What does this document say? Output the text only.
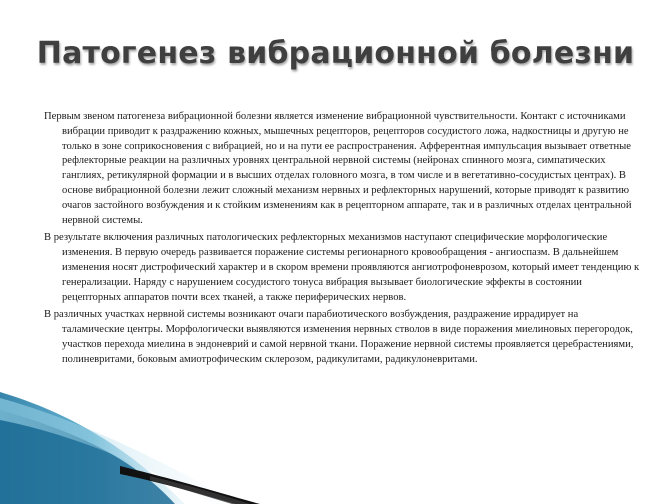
Патогенез вибрационной болезни

Первым звеном патогенеза вибрационной болезни является изменение вибрационной чувствительности. Контакт с источниками вибрации приводит к раздражению кожных, мышечных рецепторов, рецепторов сосудистого ложа, надкостницы и другую не только в зоне соприкосновения с вибрацией, но и на пути ее распространения. Афферентная импульсация вызывает ответные рефлекторные реакции на различных уровнях центральной нервной системы (нейронах спинного мозга, симпатических ганглиях, ретикулярной формации и в высших отделах головного мозга, в том числе и в вегетативно-сосудистых центрах). В основе вибрационной болезни лежит сложный механизм нервных и рефлекторных нарушений, которые приводят к развитию очагов застойного возбуждения и к стойким изменениям как в рецепторном аппарате, так и в различных отделах центральной нервной системы.

В результате включения различных патологических рефлекторных механизмов наступают специфические морфологические изменения. В первую очередь развивается поражение системы регионарного кровообращения - ангиоспазм. В дальнейшем изменения носят дистрофический характер и в скором времени проявляются ангиотрофоневрозом, который имеет тенденцию к генерализации. Наряду с нарушением сосудистого тонуса вибрация вызывает биологические эффекты в состоянии рецепторных аппаратов почти всех тканей, а также периферических нервов.

В различных участках нервной системы возникают очаги парабиотического возбуждения, раздражение иррадирует на таламические центры. Морфологически выявляются изменения нервных стволов в виде поражения миелиновых перегородок, участков перехода миелина в эндоневрий и самой нервной ткани. Поражение нервной системы проявляется церебрастениями, полиневритами, боковым амиотрофическим склерозом, радикулитами, радикулоневритами.
